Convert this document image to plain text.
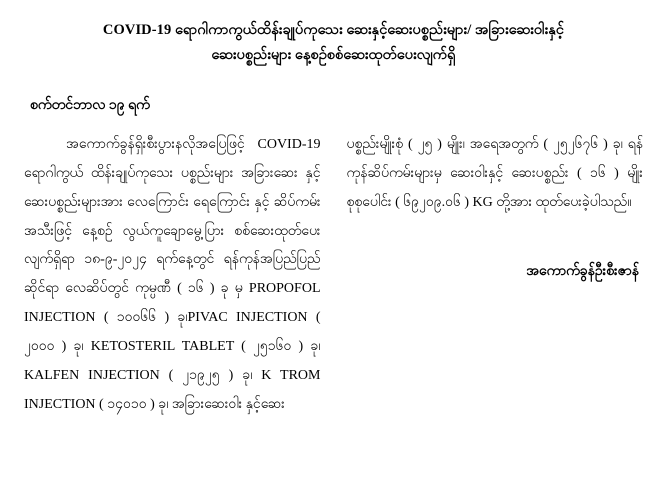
COVID-19 ရောဂါကာကွယ်ထိန်းချုပ်ကုသေး ဆေးနှင့်ဆေးပစ္စည်းများ/ အခြားဆေးဝါးနှင့်
ဆေးပစ္စည်းများ နေ့စဥ်စစ်ဆေးထုတ်ပေးလျက်ရှိ
စက်တင်ဘာလ ၁၉ ရက်

အကောက်ခွန်ရှိးစီးပွားနလိုအပြေဖြင့် COVID-19 ရောဂါကွယ် ထိန်းချုပ်ကုသေး ပစ္စည်းများ အခြားဆေး နှင့် ဆေးပစ္စည်းများအား လေကြောင်း ရေကြောင်း နှင့် ဆိပ်ကမ်းအသီးဖြင့် နေ့စဥ် လွယ်ကူချောမွေ့ပြား စစ်ဆေးထုတ်ပေးလျက်ရှိရာ ၁၈-၉-၂၀၂၄ ရက်နေ့တွင် ရန်ကုန်အပြည်ပြည်ဆိုင်ရာ လေဆိပ်တွင် ကုမ္ပဏီ ( ၁၆ ) ခု မှ PROPOFOL INJECTION ( ၁၀၀၆၆ ) ခု၊PIVAC INJECTION ( ၂၀၀၀ ) ခု၊ KETOSTERIL TABLET ( ၂၅၁၆၀ ) ခု၊ KALFEN INJECTION ( ၂၁၉၂၅ ) ခု၊ K TROM INJECTION ( ၁၄၀၁၀ ) ခု၊ အခြားဆေးဝါး နှင့်ဆေး

ပစ္စည်းမျိုးစုံ ( ၂၅ ) မျိုး၊ အရေအတွက် ( ၂၅၂၆၇၆ ) ခု၊ ရန်ကုန်ဆိပ်ကမ်းများမှ ဆေးဝါးနှင့် ဆေးပစ္စည်း ( ၁၆ ) မျိုး စုစုပေါင်း ( ၆၉၂၀၉.၀၆ ) KG တို့အား ထုတ်ပေးခဲ့ပါသည်။

အကောက်ခွန်ဦးစီးဇာန်
